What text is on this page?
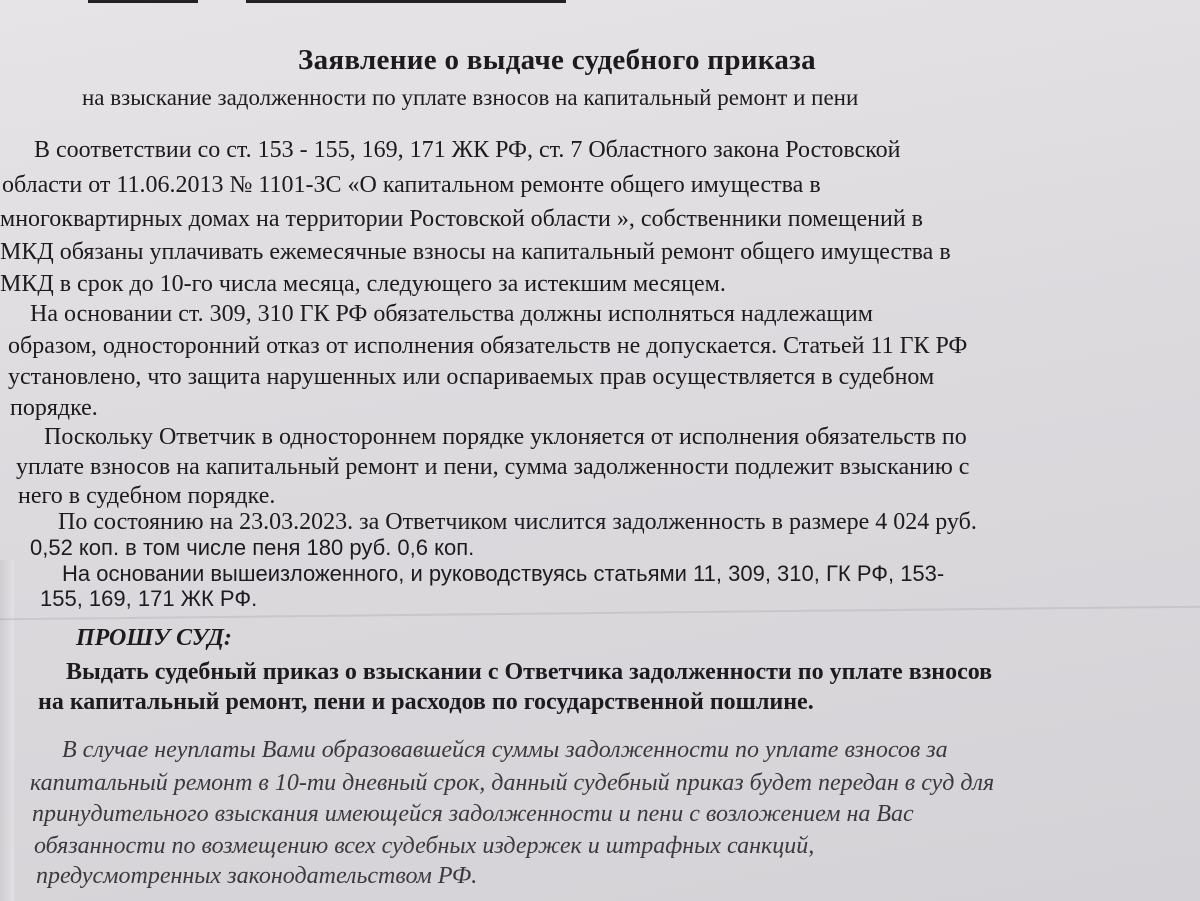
Заявление о выдаче судебного приказа
на взыскание задолженности по уплате взносов на капитальный ремонт и пени
В соответствии со ст. 153 - 155, 169, 171 ЖК РФ, ст. 7 Областного закона Ростовской
области от 11.06.2013 № 1101-ЗС «О капитальном ремонте общего имущества в
многоквартирных домах на территории Ростовской области », собственники помещений в
МКД обязаны уплачивать ежемесячные взносы на капитальный ремонт общего имущества в
МКД в срок до 10-го числа месяца, следующего за истекшим месяцем.
На основании ст. 309, 310 ГК РФ обязательства должны исполняться надлежащим
образом, односторонний отказ от исполнения обязательств не допускается. Статьей 11 ГК РФ
установлено, что защита нарушенных или оспариваемых прав осуществляется в судебном
порядке.
Поскольку Ответчик в одностороннем порядке уклоняется от исполнения обязательств по
уплате взносов на капитальный ремонт и пени, сумма задолженности подлежит взысканию с
него в судебном порядке.
По состоянию на 23.03.2023. за Ответчиком числится задолженность в размере 4 024 руб.
0,52 коп. в том числе пеня 180 руб. 0,6 коп.
На основании вышеизложенного, и руководствуясь статьями 11, 309, 310, ГК РФ, 153-
155, 169, 171 ЖК РФ.
ПРОШУ СУД:
Выдать судебный приказ о взыскании с Ответчика задолженности по уплате взносов
на капитальный ремонт, пени и расходов по государственной пошлине.
В случае неуплаты Вами образовавшейся суммы задолженности по уплате взносов за
капитальный ремонт в 10-ти дневный срок, данный судебный приказ будет передан в суд для
принудительного взыскания имеющейся задолженности и пени с возложением на Вас
обязанности по возмещению всех судебных издержек и штрафных санкций,
предусмотренных законодательством РФ.
